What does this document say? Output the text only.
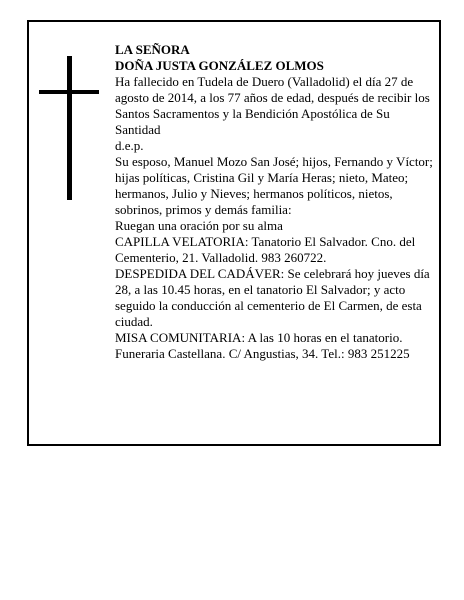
LA SEÑORA

DOÑA JUSTA GONZÁLEZ OLMOS

Ha fallecido en Tudela de Duero (Valladolid) el día 27 de agosto de 2014, a los 77 años de edad, después de recibir los Santos Sacramentos y la Bendición Apostólica de Su Santidad

d.e.p.

Su esposo, Manuel Mozo San José; hijos, Fernando y Víctor; hijas políticas, Cristina Gil y María Heras; nieto, Mateo; hermanos, Julio y Nieves; hermanos políticos, nietos, sobrinos, primos y demás familia:

Ruegan una oración por su alma

CAPILLA VELATORIA: Tanatorio El Salvador. Cno. del Cementerio, 21. Valladolid. 983 260722.

DESPEDIDA DEL CADÁVER: Se celebrará hoy jueves día 28, a las 10.45 horas, en el tanatorio El Salvador; y acto seguido la conducción al cementerio de El Carmen, de esta ciudad.

MISA COMUNITARIA: A las 10 horas en el tanatorio.

Funeraria Castellana. C/ Angustias, 34. Tel.: 983 251225
